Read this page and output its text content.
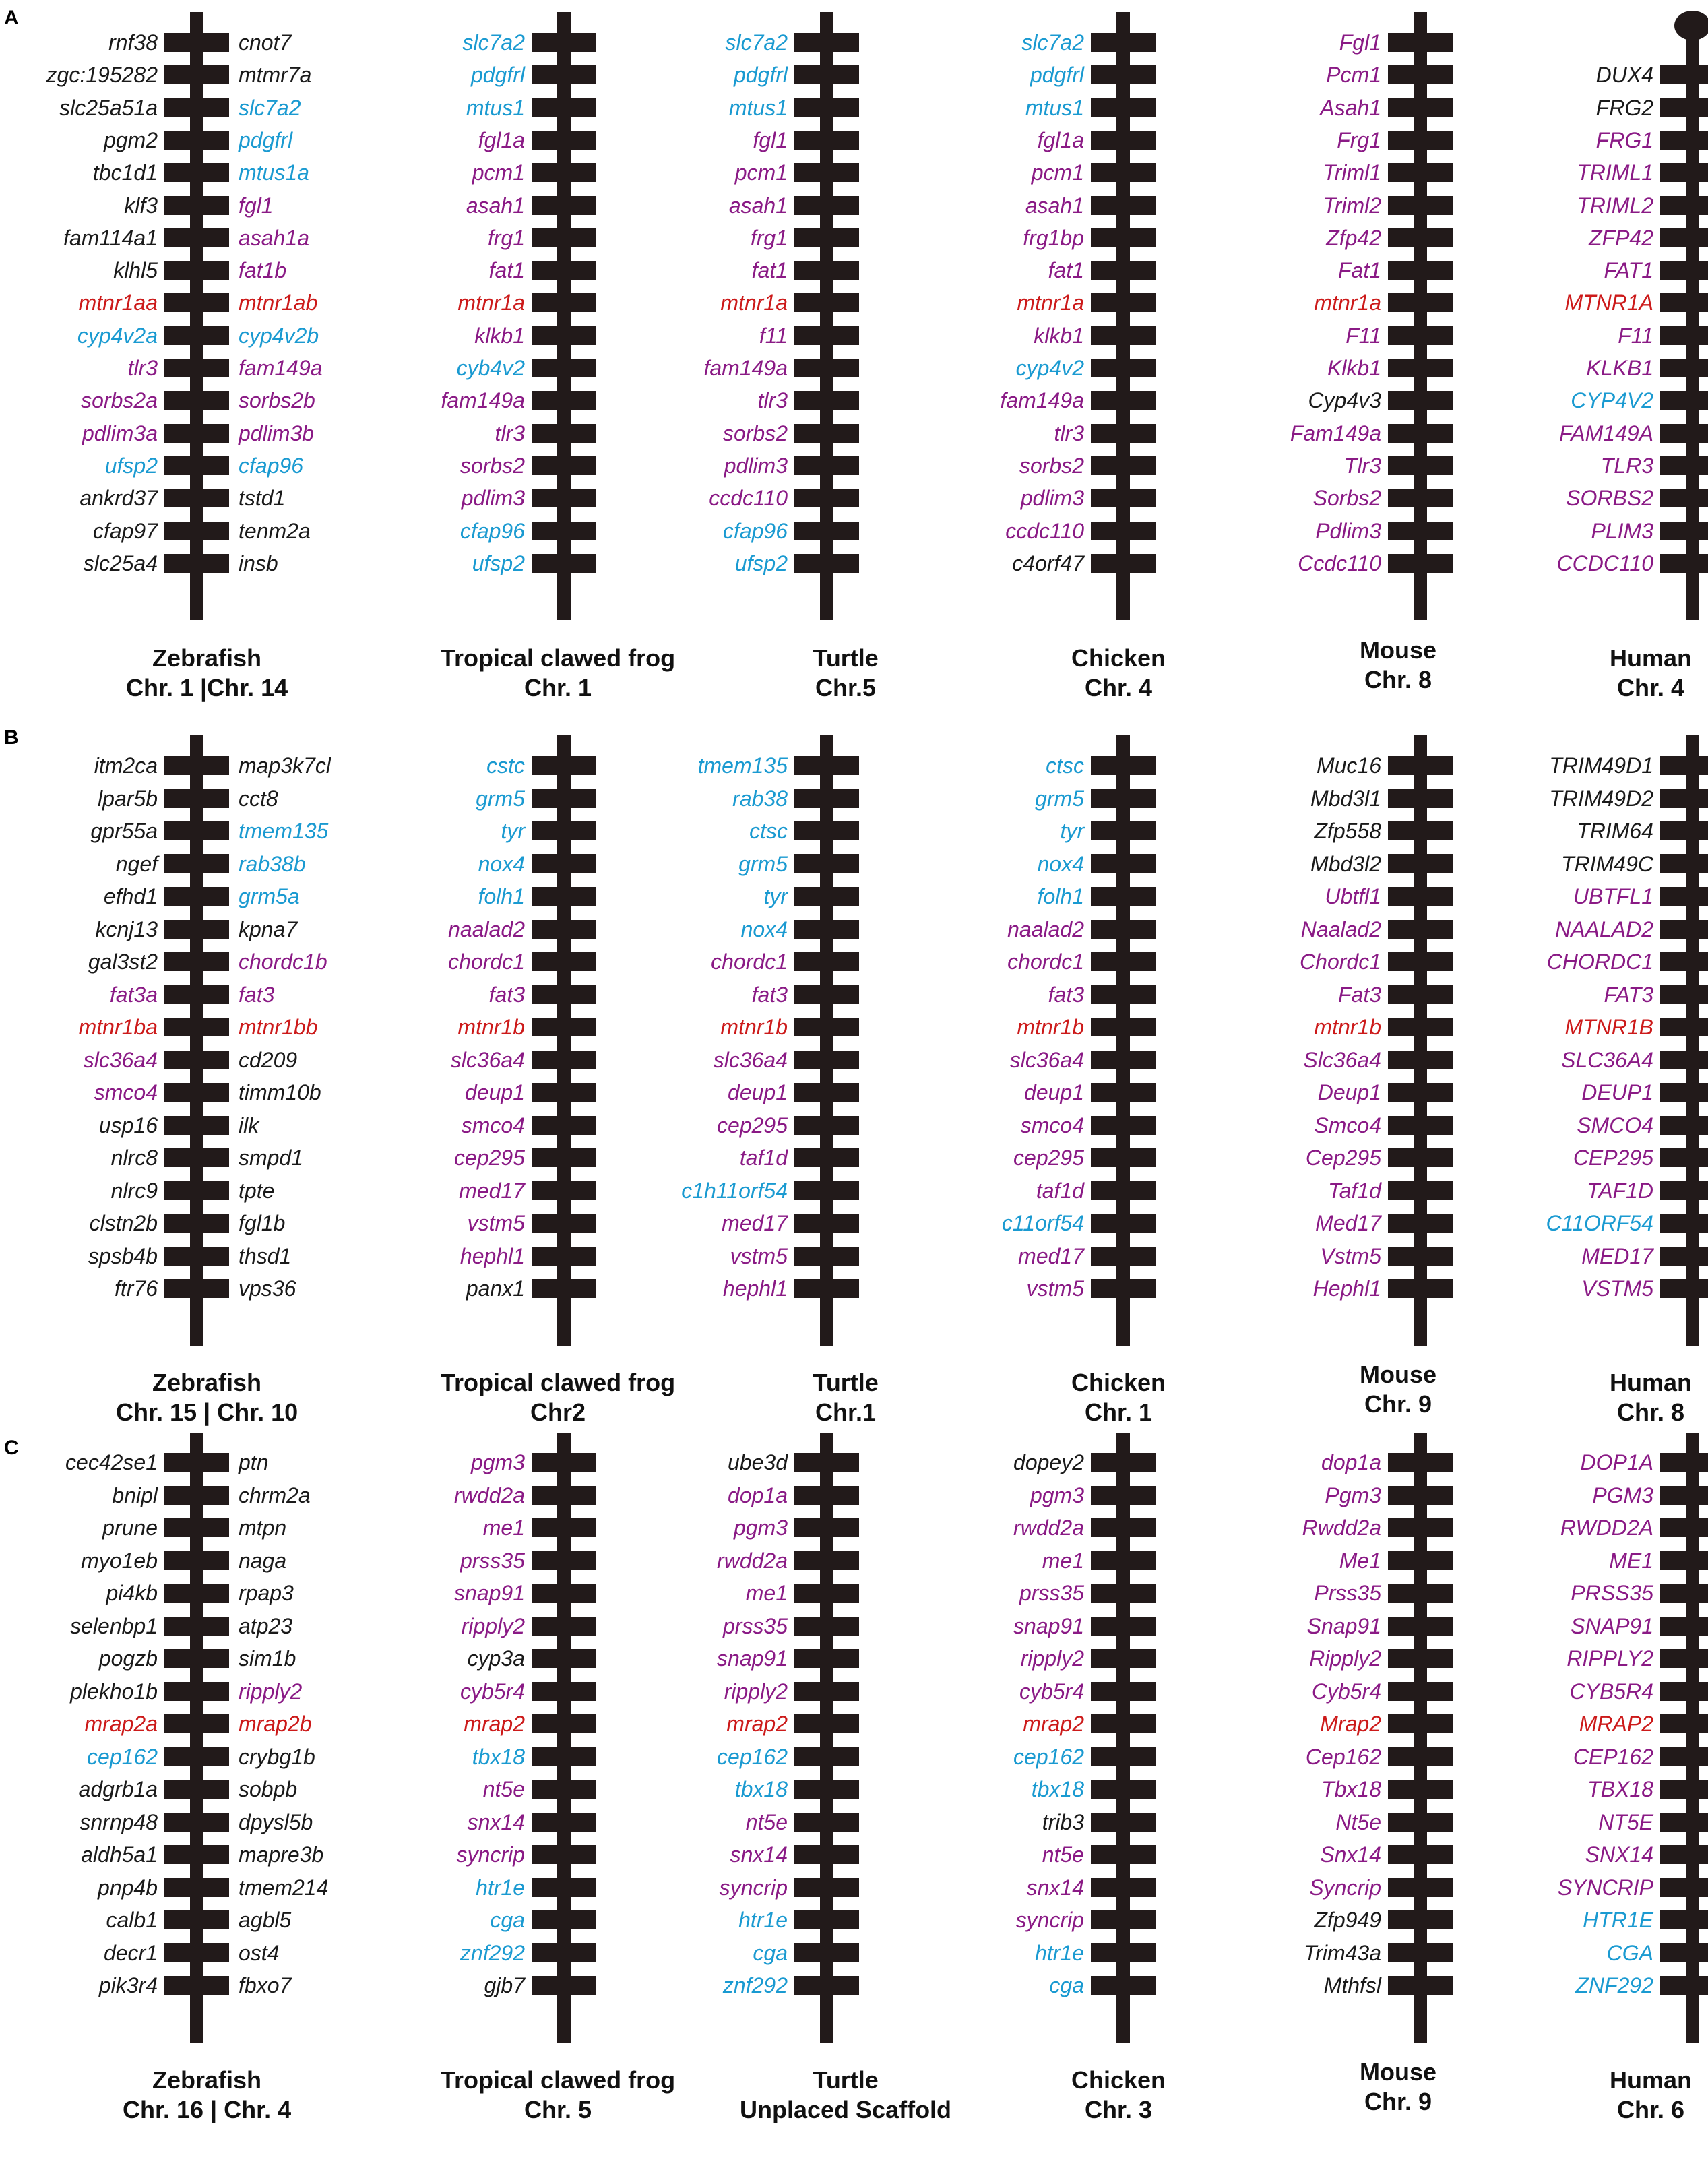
A
rnf38
zgc:195282
slc25a51a
pgm2
tbc1d1
klf3
fam114a1
klhl5
mtnr1aa
cyp4v2a
tlr3
sorbs2a
pdlim3a
ufsp2
ankrd37
cfap97
slc25a4
cnot7
mtmr7a
slc7a2
pdgfrl
mtus1a
fgl1
asah1a
fat1b
mtnr1ab
cyp4v2b
fam149a
sorbs2b
pdlim3b
cfap96
tstd1
tenm2a
insb
Zebrafish
Chr. 1 |Chr. 14
slc7a2
pdgfrl
mtus1
fgl1a
pcm1
asah1
frg1
fat1
mtnr1a
klkb1
cyb4v2
fam149a
tlr3
sorbs2
pdlim3
cfap96
ufsp2
Tropical clawed frog
Chr. 1
slc7a2
pdgfrl
mtus1
fgl1
pcm1
asah1
frg1
fat1
mtnr1a
f11
fam149a
tlr3
sorbs2
pdlim3
ccdc110
cfap96
ufsp2
Turtle
Chr.5
slc7a2
pdgfrl
mtus1
fgl1a
pcm1
asah1
frg1bp
fat1
mtnr1a
klkb1
cyp4v2
fam149a
tlr3
sorbs2
pdlim3
ccdc110
c4orf47
Chicken
Chr. 4
Fgl1
Pcm1
Asah1
Frg1
Triml1
Triml2
Zfp42
Fat1
mtnr1a
F11
Klkb1
Cyp4v3
Fam149a
Tlr3
Sorbs2
Pdlim3
Ccdc110
Mouse
Chr. 8
DUX4
FRG2
FRG1
TRIML1
TRIML2
ZFP42
FAT1
MTNR1A
F11
KLKB1
CYP4V2
FAM149A
TLR3
SORBS2
PLIM3
CCDC110
Human
Chr. 4
B
itm2ca
lpar5b
gpr55a
ngef
efhd1
kcnj13
gal3st2
fat3a
mtnr1ba
slc36a4
smco4
usp16
nlrc8
nlrc9
clstn2b
spsb4b
ftr76
map3k7cl
cct8
tmem135
rab38b
grm5a
kpna7
chordc1b
fat3
mtnr1bb
cd209
timm10b
ilk
smpd1
tpte
fgl1b
thsd1
vps36
Zebrafish
Chr. 15 | Chr. 10
cstc
grm5
tyr
nox4
folh1
naalad2
chordc1
fat3
mtnr1b
slc36a4
deup1
smco4
cep295
med17
vstm5
hephl1
panx1
Tropical clawed frog
Chr2
tmem135
rab38
ctsc
grm5
tyr
nox4
chordc1
fat3
mtnr1b
slc36a4
deup1
cep295
taf1d
c1h11orf54
med17
vstm5
hephl1
Turtle
Chr.1
ctsc
grm5
tyr
nox4
folh1
naalad2
chordc1
fat3
mtnr1b
slc36a4
deup1
smco4
cep295
taf1d
c11orf54
med17
vstm5
Chicken
Chr. 1
Muc16
Mbd3l1
Zfp558
Mbd3l2
Ubtfl1
Naalad2
Chordc1
Fat3
mtnr1b
Slc36a4
Deup1
Smco4
Cep295
Taf1d
Med17
Vstm5
Hephl1
Mouse
Chr. 9
TRIM49D1
TRIM49D2
TRIM64
TRIM49C
UBTFL1
NAALAD2
CHORDC1
FAT3
MTNR1B
SLC36A4
DEUP1
SMCO4
CEP295
TAF1D
C11ORF54
MED17
VSTM5
Human
Chr. 8
C
cec42se1
bnipl
prune
myo1eb
pi4kb
selenbp1
pogzb
plekho1b
mrap2a
cep162
adgrb1a
snrnp48
aldh5a1
pnp4b
calb1
decr1
pik3r4
ptn
chrm2a
mtpn
naga
rpap3
atp23
sim1b
ripply2
mrap2b
crybg1b
sobpb
dpysl5b
mapre3b
tmem214
agbl5
ost4
fbxo7
Zebrafish
Chr. 16 | Chr. 4
pgm3
rwdd2a
me1
prss35
snap91
ripply2
cyp3a
cyb5r4
mrap2
tbx18
nt5e
snx14
syncrip
htr1e
cga
znf292
gjb7
Tropical clawed frog
Chr. 5
ube3d
dop1a
pgm3
rwdd2a
me1
prss35
snap91
ripply2
mrap2
cep162
tbx18
nt5e
snx14
syncrip
htr1e
cga
znf292
Turtle
Unplaced Scaffold
dopey2
pgm3
rwdd2a
me1
prss35
snap91
ripply2
cyb5r4
mrap2
cep162
tbx18
trib3
nt5e
snx14
syncrip
htr1e
cga
Chicken
Chr. 3
dop1a
Pgm3
Rwdd2a
Me1
Prss35
Snap91
Ripply2
Cyb5r4
Mrap2
Cep162
Tbx18
Nt5e
Snx14
Syncrip
Zfp949
Trim43a
Mthfsl
Mouse
Chr. 9
DOP1A
PGM3
RWDD2A
ME1
PRSS35
SNAP91
RIPPLY2
CYB5R4
MRAP2
CEP162
TBX18
NT5E
SNX14
SYNCRIP
HTR1E
CGA
ZNF292
Human
Chr. 6
